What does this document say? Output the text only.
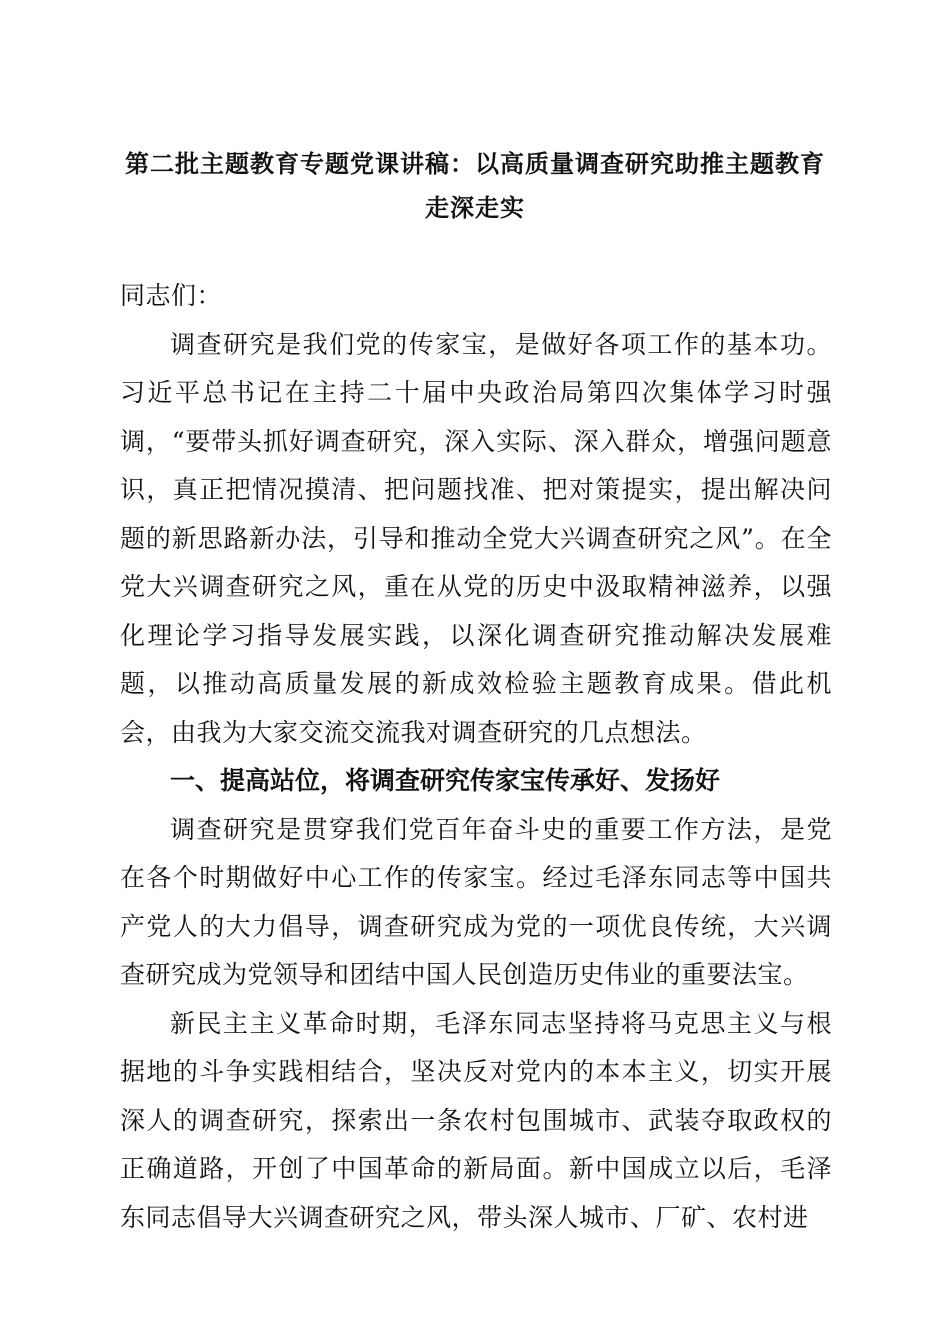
第二批主题教育专题党课讲稿：以高质量调查研究助推主题教育走深走实

同志们：

调查研究是我们党的传家宝，是做好各项工作的基本功。习近平总书记在主持二十届中央政治局第四次集体学习时强调，“要带头抓好调查研究，深入实际、深入群众，增强问题意识，真正把情况摸清、把问题找准、把对策提实，提出解决问题的新思路新办法，引导和推动全党大兴调查研究之风”。在全党大兴调查研究之风，重在从党的历史中汲取精神滋养，以强化理论学习指导发展实践，以深化调查研究推动解决发展难题，以推动高质量发展的新成效检验主题教育成果。借此机会，由我为大家交流交流我对调查研究的几点想法。

一、提高站位，将调查研究传家宝传承好、发扬好

调查研究是贯穿我们党百年奋斗史的重要工作方法，是党在各个时期做好中心工作的传家宝。经过毛泽东同志等中国共产党人的大力倡导，调查研究成为党的一项优良传统，大兴调查研究成为党领导和团结中国人民创造历史伟业的重要法宝。

新民主主义革命时期，毛泽东同志坚持将马克思主义与根据地的斗争实践相结合，坚决反对党内的本本主义，切实开展深人的调查研究，探索出一条农村包围城市、武装夺取政权的正确道路，开创了中国革命的新局面。新中国成立以后，毛泽东同志倡导大兴调查研究之风，带头深人城市、厂矿、农村进
